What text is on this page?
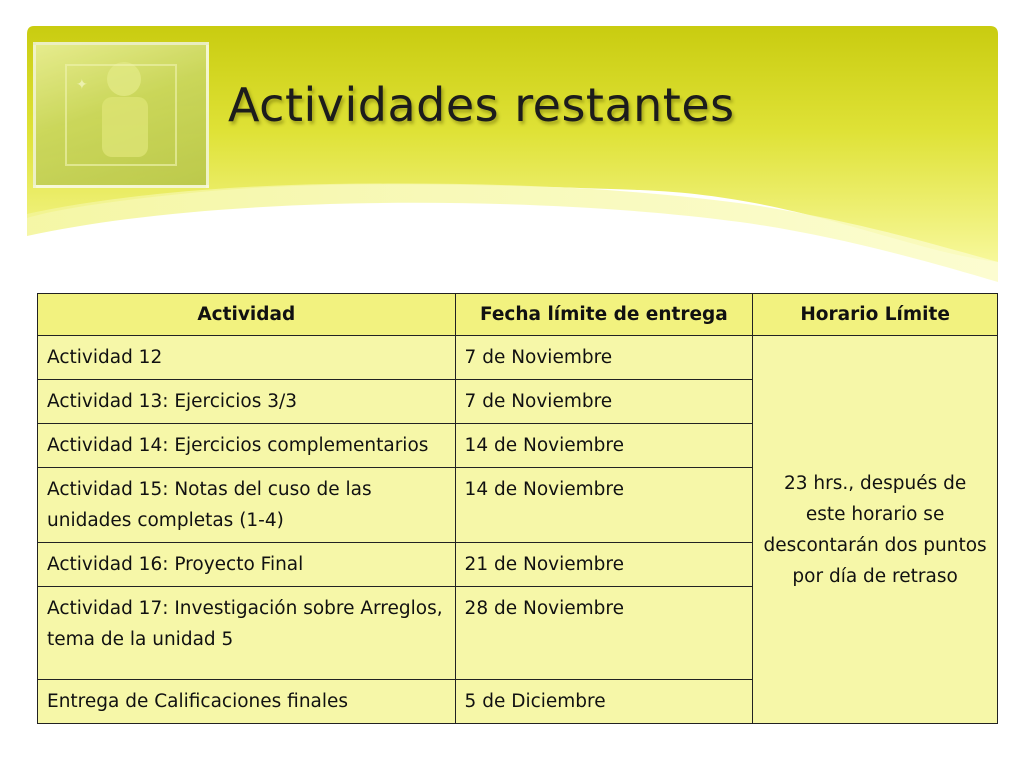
✦	Actividades restantes
Actividad	Fecha límite de entrega	Horario Límite
Actividad 12	7 de Noviembre	23 hrs., después de este horario se descontarán dos puntos por día de retraso
Actividad 13: Ejercicios 3/3	7 de Noviembre	
Actividad 14: Ejercicios complementarios	14 de Noviembre	
Actividad 15: Notas del cuso de las unidades completas (1-4)	14 de Noviembre	
Actividad 16: Proyecto Final	21 de Noviembre	
Actividad 17: Investigación sobre Arreglos, tema de la unidad 5	28 de Noviembre	
Entrega de Calificaciones finales	5 de Diciembre	
